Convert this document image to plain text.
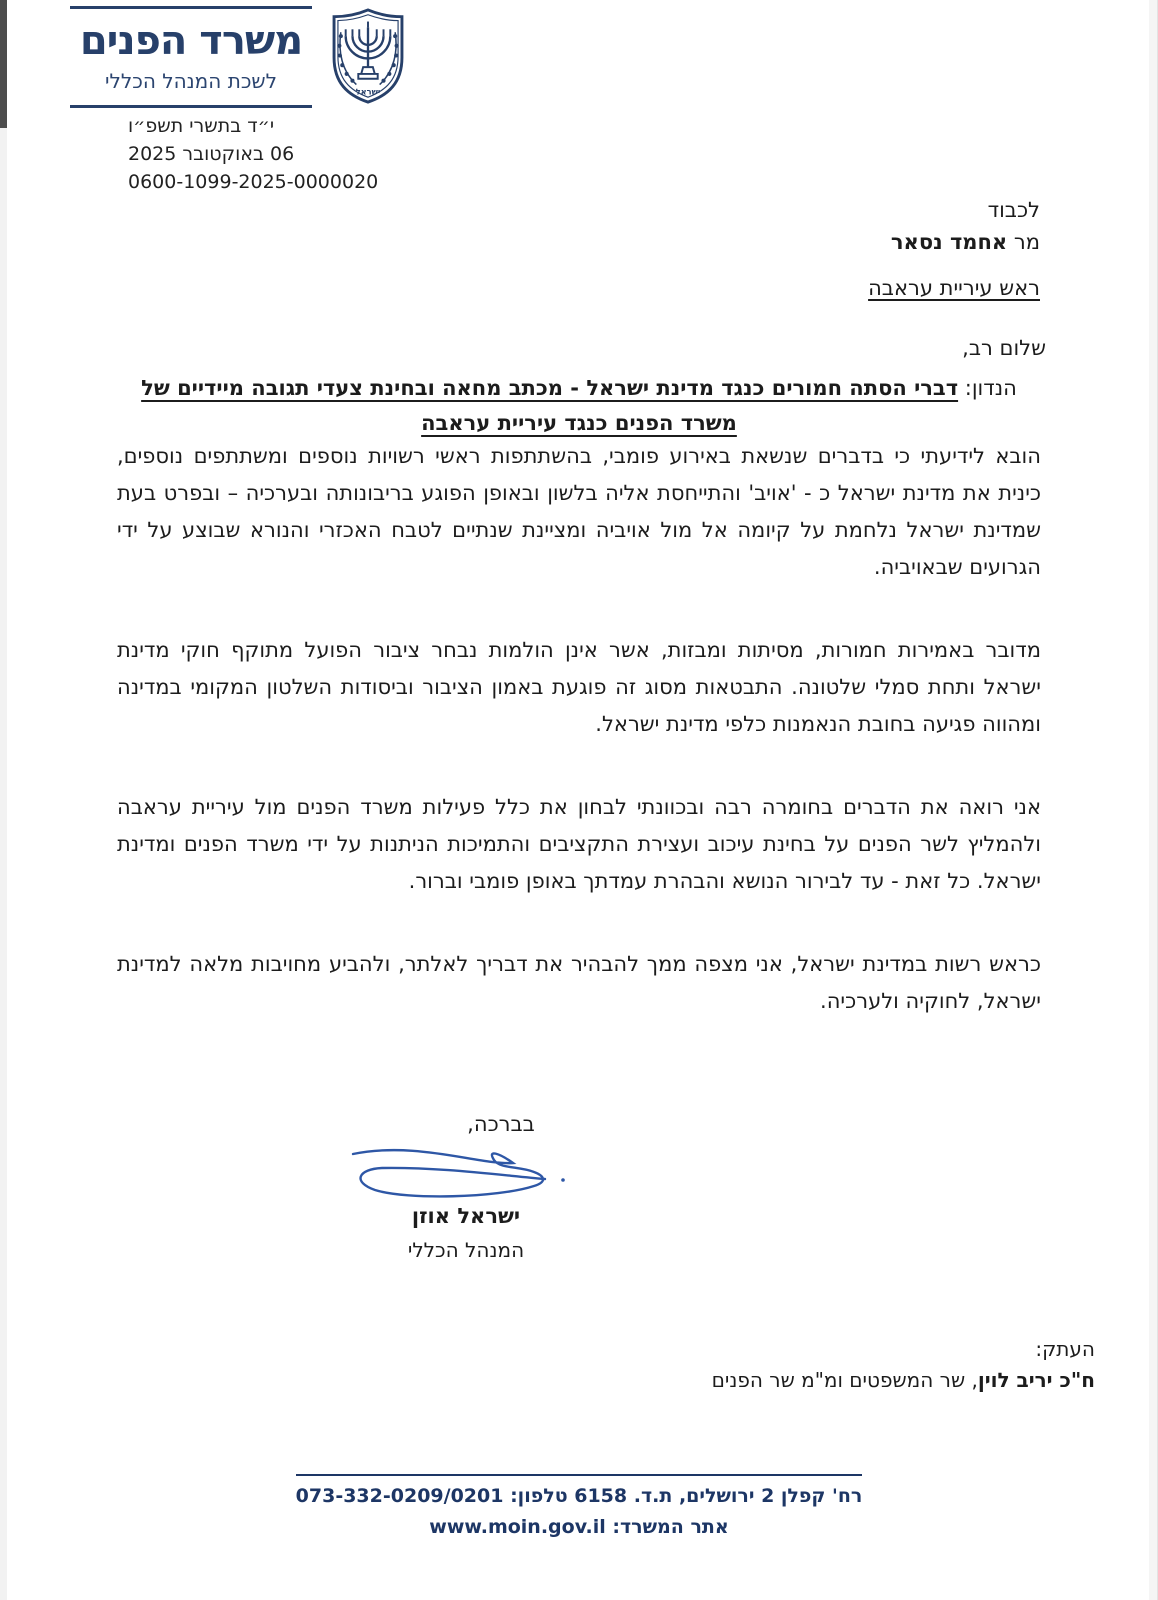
משרד הפנים
לשכת המנהל הכללי	ישראל
י״ד בתשרי תשפ״ו
06 באוקטובר 2025
0600-1099-2025-0000020
לכבוד
מר אחמד נסאר
ראש עיריית עראבה
שלום רב,
הנדון: דברי הסתה חמורים כנגד מדינת ישראל - מכתב מחאה ובחינת צעדי תגובה מיידיים של משרד הפנים כנגד עיריית עראבה

הובא לידיעתי כי בדברים שנשאת באירוע פומבי, בהשתתפות ראשי רשויות נוספים ומשתתפים נוספים, כינית את מדינת ישראל כ - 'אויב' והתייחסת אליה בלשון ובאופן הפוגע בריבונותה ובערכיה – ובפרט בעת שמדינת ישראל נלחמת על קיומה אל מול אויביה ומציינת שנתיים לטבח האכזרי והנורא שבוצע על ידי הגרועים שבאויביה.

מדובר באמירות חמורות, מסיתות ומבזות, אשר אינן הולמות נבחר ציבור הפועל מתוקף חוקי מדינת ישראל ותחת סמלי שלטונה. התבטאות מסוג זה פוגעת באמון הציבור וביסודות השלטון המקומי במדינה ומהווה פגיעה בחובת הנאמנות כלפי מדינת ישראל.

אני רואה את הדברים בחומרה רבה ובכוונתי לבחון את כלל פעילות משרד הפנים מול עיריית עראבה ולהמליץ לשר הפנים על בחינת עיכוב ועצירת התקציבים והתמיכות הניתנות על ידי משרד הפנים ומדינת ישראל. כל זאת - עד לבירור הנושא והבהרת עמדתך באופן פומבי וברור.

כראש רשות במדינת ישראל, אני מצפה ממך להבהיר את דבריך לאלתר, ולהביע מחויבות מלאה למדינת ישראל, לחוקיה ולערכיה.

בברכה,
ישראל אוזן
המנהל הכללי
העתק:
ח"כ יריב לוין, שר המשפטים ומ"מ שר הפנים
רח' קפלן 2 ירושלים, ת.ד. 6158 טלפון: 073-332-0209/0201
אתר המשרד: www.moin.gov.il
